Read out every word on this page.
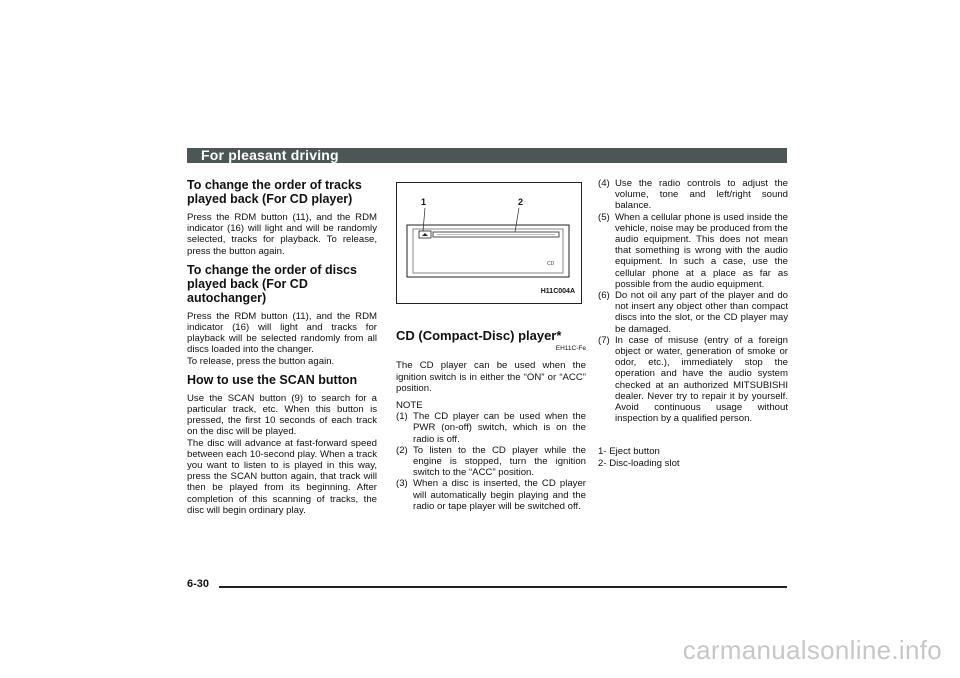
For pleasant driving
To change the order of tracks played back (For CD player)

Press the RDM button (11), and the RDM indicator (16) will light and will be randomly selected, tracks for playback. To release, press the button again.

To change the order of discs played back (For CD autochanger)

Press the RDM button (11), and the RDM indicator (16) will light and tracks for playback will be selected randomly from all discs loaded into the changer.

To release, press the button again.

How to use the SCAN button

Use the SCAN button (9) to search for a particular track, etc. When this button is pressed, the first 10 seconds of each track on the disc will be played.

The disc will advance at fast-forward speed between each 10-second play. When a track you want to listen to is played in this way, press the SCAN button again, that track will then be played from its beginning. After completion of this scanning of tracks, the disc will begin ordinary play.

CD
1	2
H11C004A
CD (Compact-Disc) player*
EH11C-Fe

The CD player can be used when the ignition switch is in either the “ON” or “ACC” position.

NOTE
(1) The CD player can be used when the PWR (on-off) switch, which is on the radio is off.
(2) To listen to the CD player while the engine is stopped, turn the ignition switch to the “ACC” position.
(3) When a disc is inserted, the CD player will automatically begin playing and the radio or tape player will be switched off.
(4) Use the radio controls to adjust the volume, tone and left/right sound balance.
(5) When a cellular phone is used inside the vehicle, noise may be produced from the audio equipment. This does not mean that something is wrong with the audio equipment. In such a case, use the cellular phone at a place as far as possible from the audio equipment.
(6) Do not oil any part of the player and do not insert any object other than compact discs into the slot, or the CD player may be damaged.
(7) In case of misuse (entry of a foreign object or water, generation of smoke or odor, etc.), immediately stop the operation and have the audio system checked at an authorized MITSUBISHI dealer. Never try to repair it by yourself. Avoid continuous usage without inspection by a qualified person.
1- Eject button
2- Disc-loading slot
6-30
carmanualsonline.info
